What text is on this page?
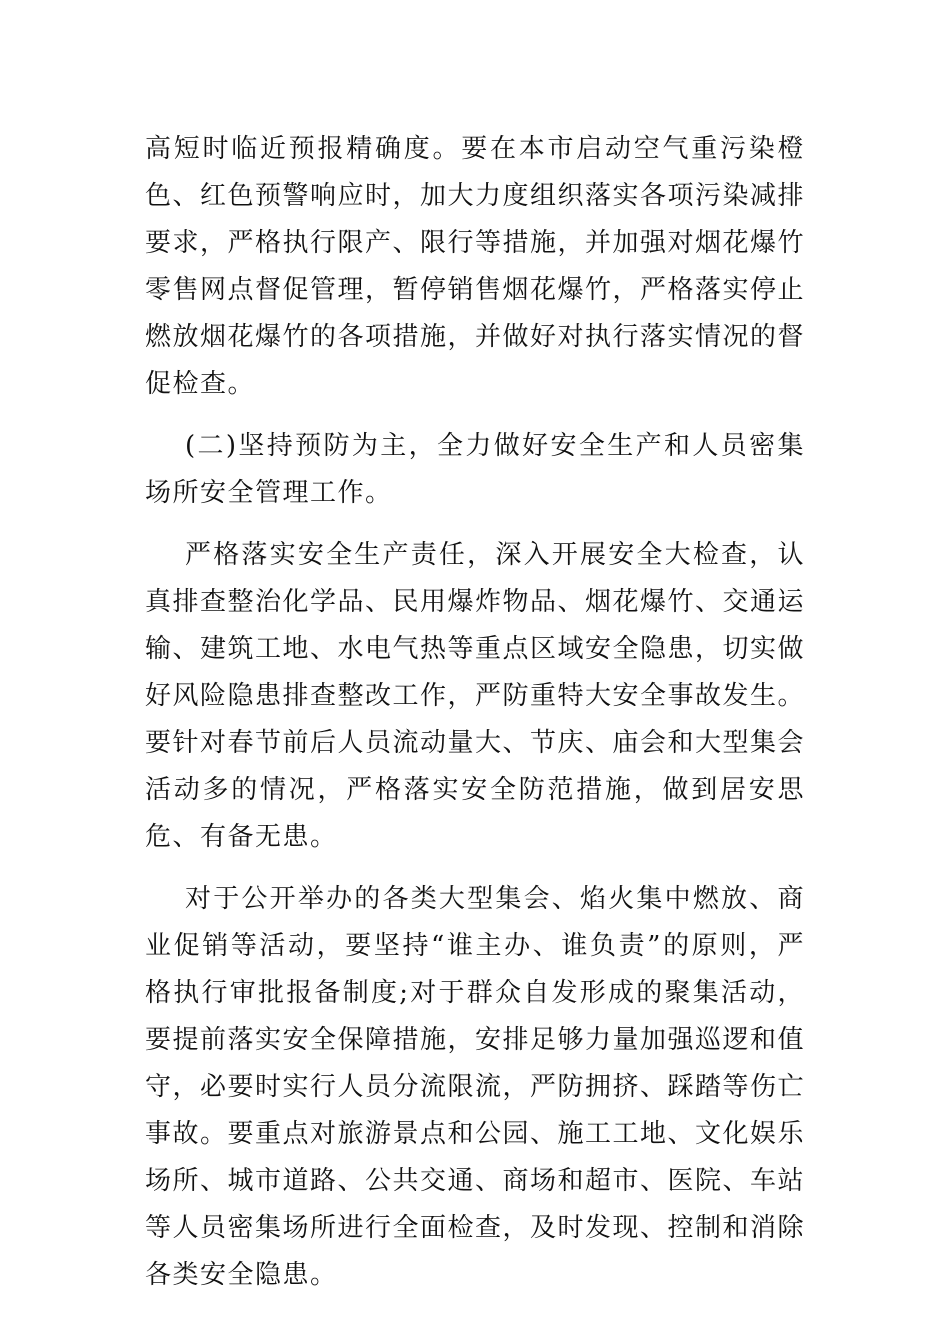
高短时临近预报精确度。要在本市启动空气重污染橙色、红色预警响应时，加大力度组织落实各项污染减排要求，严格执行限产、限行等措施，并加强对烟花爆竹零售网点督促管理，暂停销售烟花爆竹，严格落实停止燃放烟花爆竹的各项措施，并做好对执行落实情况的督促检查。

(二)坚持预防为主，全力做好安全生产和人员密集场所安全管理工作。

严格落实安全生产责任，深入开展安全大检查，认真排查整治化学品、民用爆炸物品、烟花爆竹、交通运输、建筑工地、水电气热等重点区域安全隐患，切实做好风险隐患排查整改工作，严防重特大安全事故发生。要针对春节前后人员流动量大、节庆、庙会和大型集会活动多的情况，严格落实安全防范措施，做到居安思危、有备无患。

对于公开举办的各类大型集会、焰火集中燃放、商业促销等活动，要坚持“谁主办、谁负责”的原则，严格执行审批报备制度;对于群众自发形成的聚集活动，要提前落实安全保障措施，安排足够力量加强巡逻和值守，必要时实行人员分流限流，严防拥挤、踩踏等伤亡事故。要重点对旅游景点和公园、施工工地、文化娱乐场所、城市道路、公共交通、商场和超市、医院、车站等人员密集场所进行全面检查，及时发现、控制和消除各类安全隐患。
